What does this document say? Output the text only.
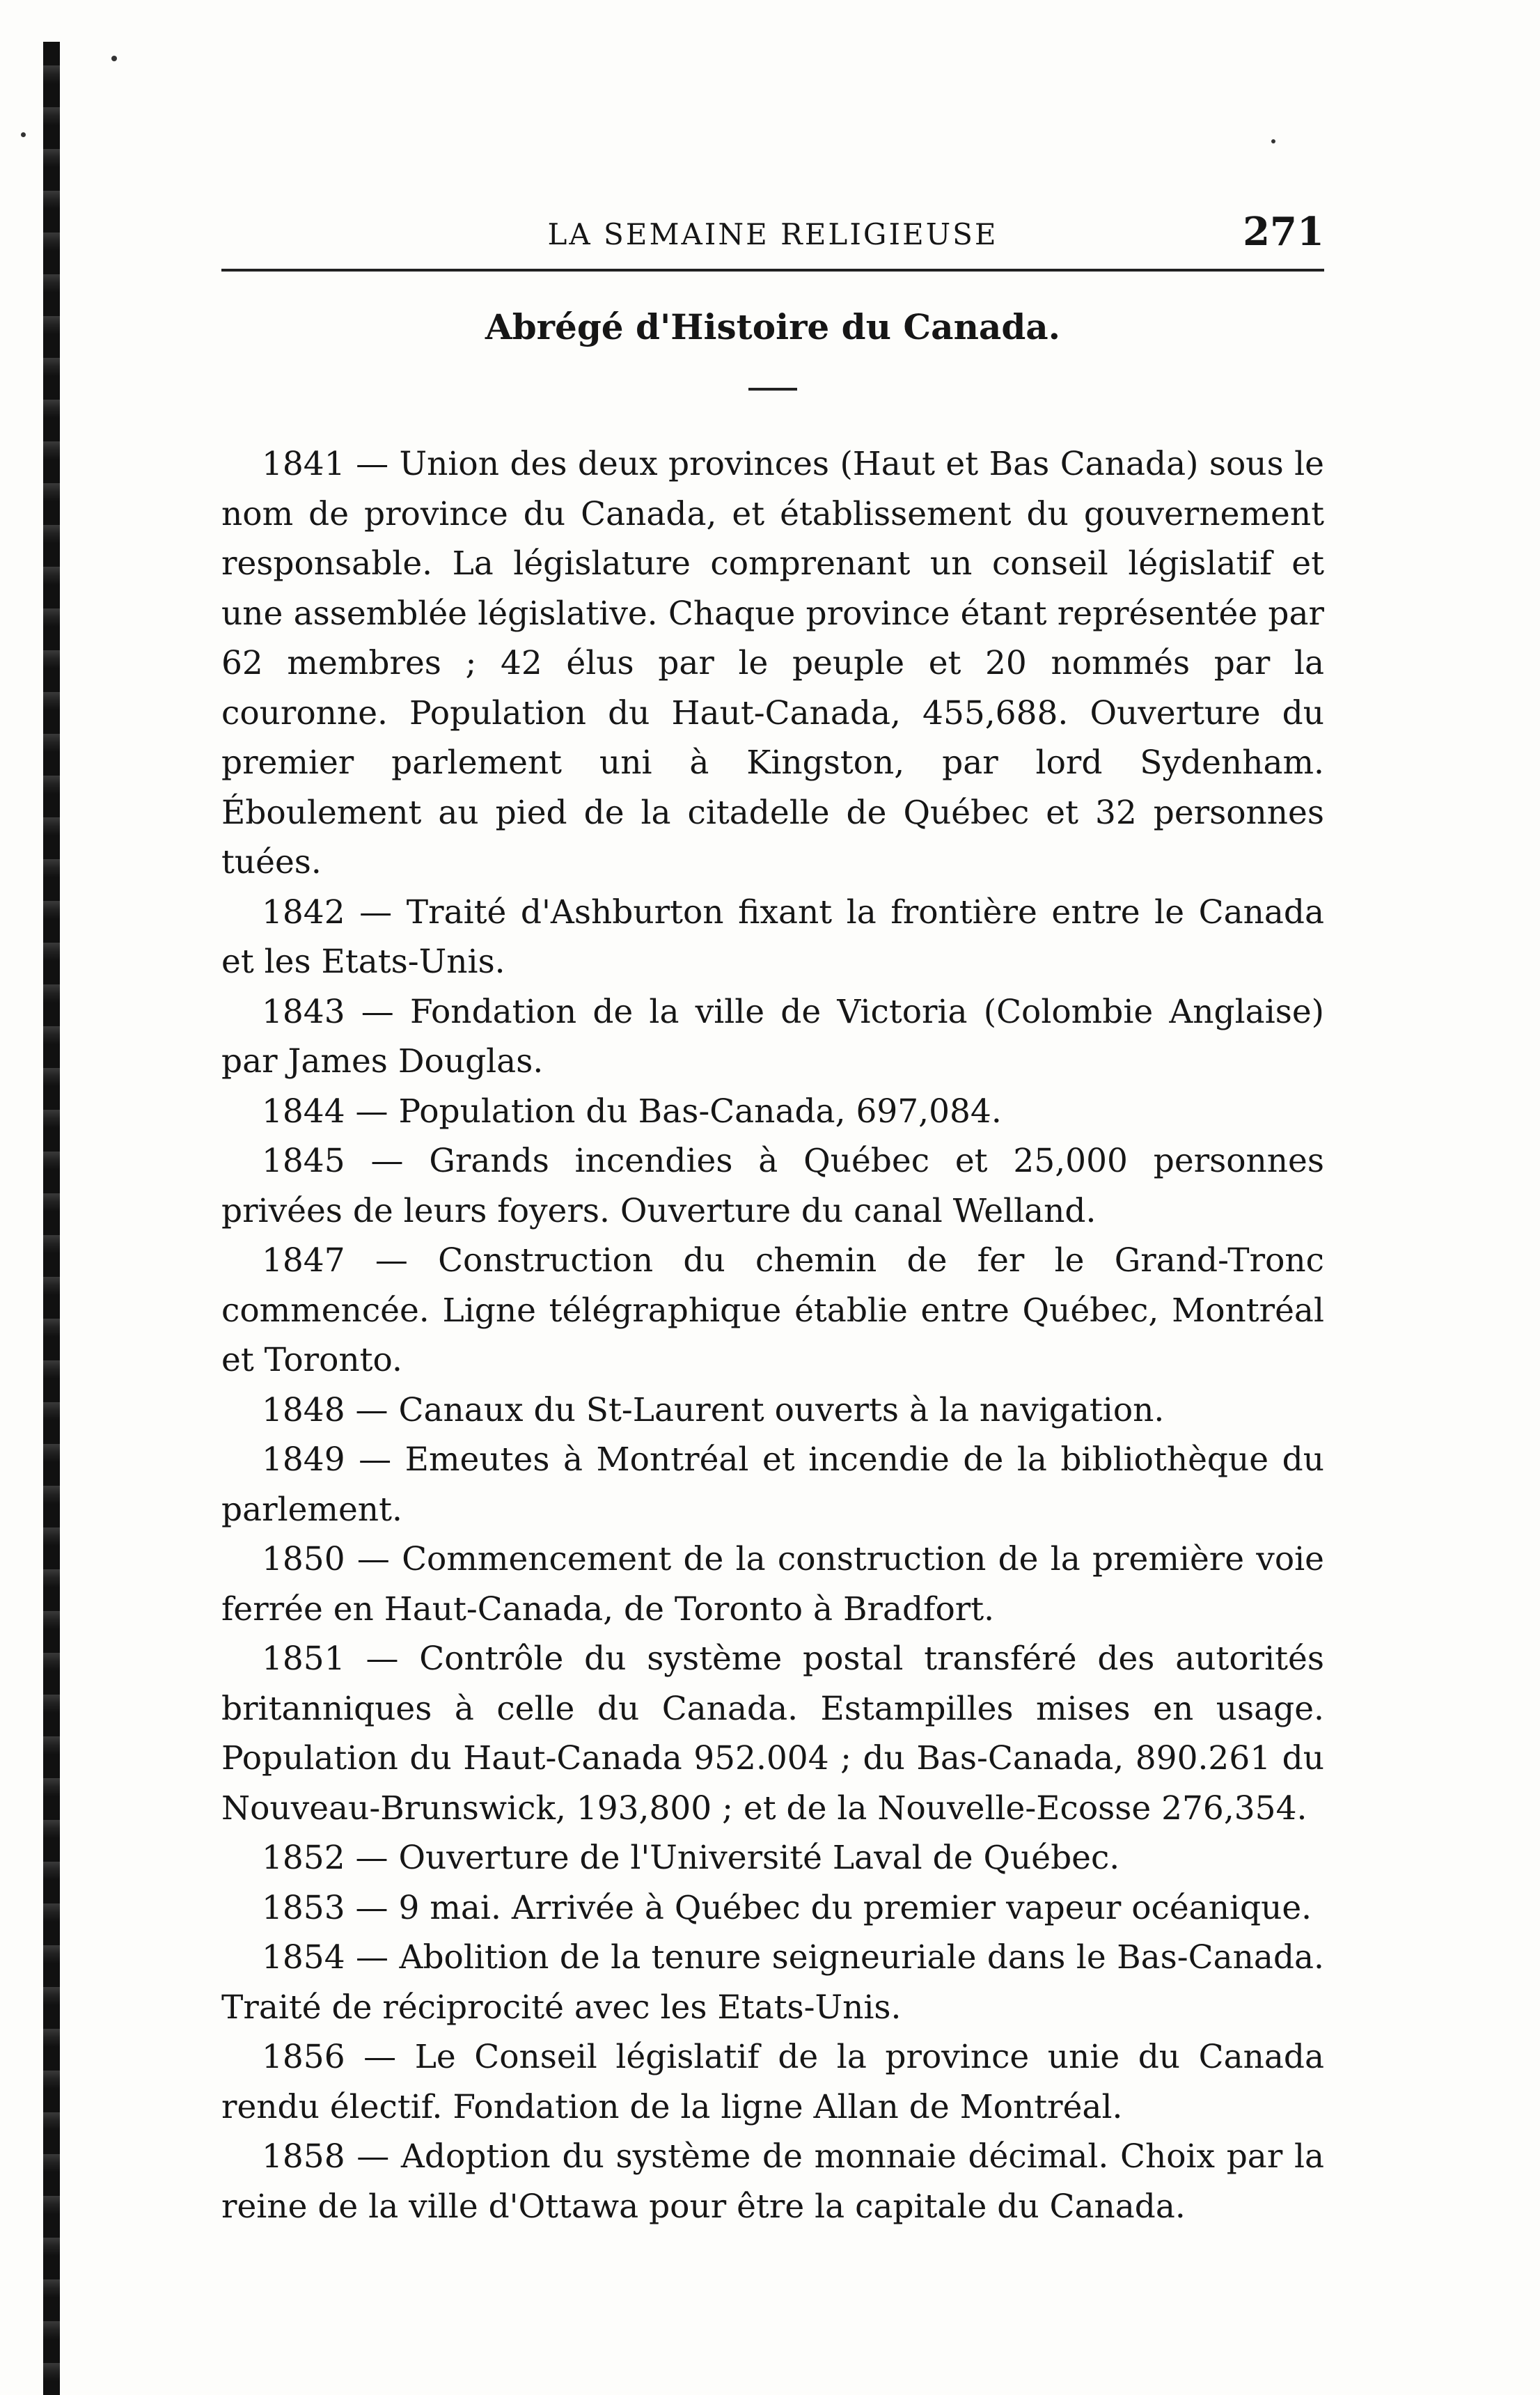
LA SEMAINE RELIGIEUSE	271
Abrégé d'Histoire du Canada.

1841 — Union des deux provinces (Haut et Bas Canada) sous le nom de province du Canada, et établissement du gouvernement responsable. La législature comprenant un conseil législatif et une assemblée législative. Chaque province étant représentée par 62 membres ; 42 élus par le peuple et 20 nommés par la couronne. Population du Haut-Canada, 455,688. Ouverture du premier parlement uni à Kingston, par lord Sydenham. Éboulement au pied de la citadelle de Québec et 32 personnes tuées.

1842 — Traité d'Ashburton fixant la frontière entre le Canada et les Etats-Unis.

1843 — Fondation de la ville de Victoria (Colombie Anglaise) par James Douglas.

1844 — Population du Bas-Canada, 697,084.

1845 — Grands incendies à Québec et 25,000 personnes privées de leurs foyers. Ouverture du canal Welland.

1847 — Construction du chemin de fer le Grand-Tronc commencée. Ligne télégraphique établie entre Québec, Montréal et Toronto.

1848 — Canaux du St-Laurent ouverts à la navigation.

1849 — Emeutes à Montréal et incendie de la bibliothèque du parlement.

1850 — Commencement de la construction de la première voie ferrée en Haut-Canada, de Toronto à Bradfort.

1851 — Contrôle du système postal transféré des autorités britanniques à celle du Canada. Estampilles mises en usage. Population du Haut-Canada 952.004 ; du Bas-Canada, 890.261 du Nouveau-Brunswick, 193,800 ; et de la Nouvelle-Ecosse 276,354.

1852 — Ouverture de l'Université Laval de Québec.

1853 — 9 mai. Arrivée à Québec du premier vapeur océanique.

1854 — Abolition de la tenure seigneuriale dans le Bas-Canada. Traité de réciprocité avec les Etats-Unis.

1856 — Le Conseil législatif de la province unie du Canada rendu électif. Fondation de la ligne Allan de Montréal.

1858 — Adoption du système de monnaie décimal. Choix par la reine de la ville d'Ottawa pour être la capitale du Canada.
